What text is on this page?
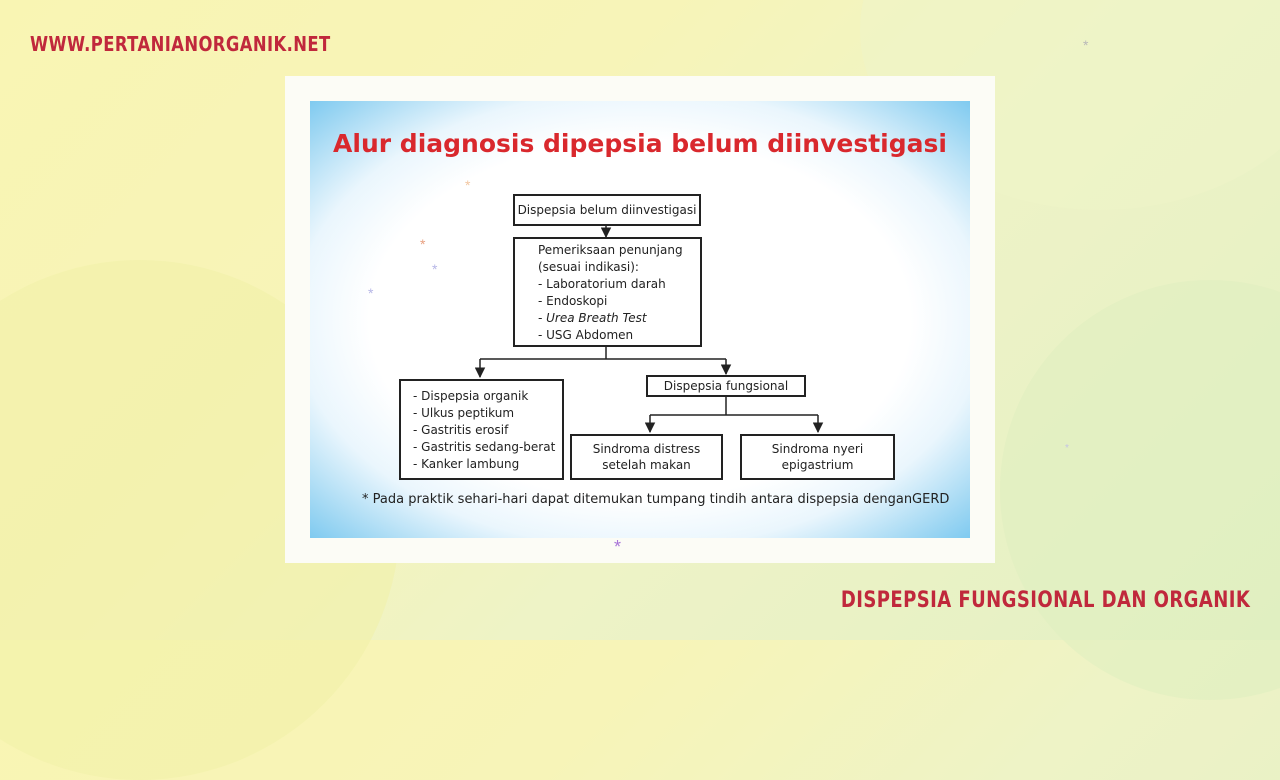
WWW.PERTANIANORGANIK.NET
Alur diagnosis dipepsia belum diinvestigasi
Dispepsia belum diinvestigasi
Pemeriksaan penunjang
(sesuai indikasi):
- Laboratorium darah
- Endoskopi
- Urea Breath Test
- USG Abdomen
- Dispepsia organik
- Ulkus peptikum
- Gastritis erosif
- Gastritis sedang-berat
- Kanker lambung
Dispepsia fungsional
Sindroma distress
setelah makan
Sindroma nyeri
epigastrium
* Pada praktik sehari-hari dapat ditemukan tumpang tindih antara dispepsia denganGERD
DISPEPSIA FUNGSIONAL DAN ORGANIK
*
*
*
*
*
*
*
